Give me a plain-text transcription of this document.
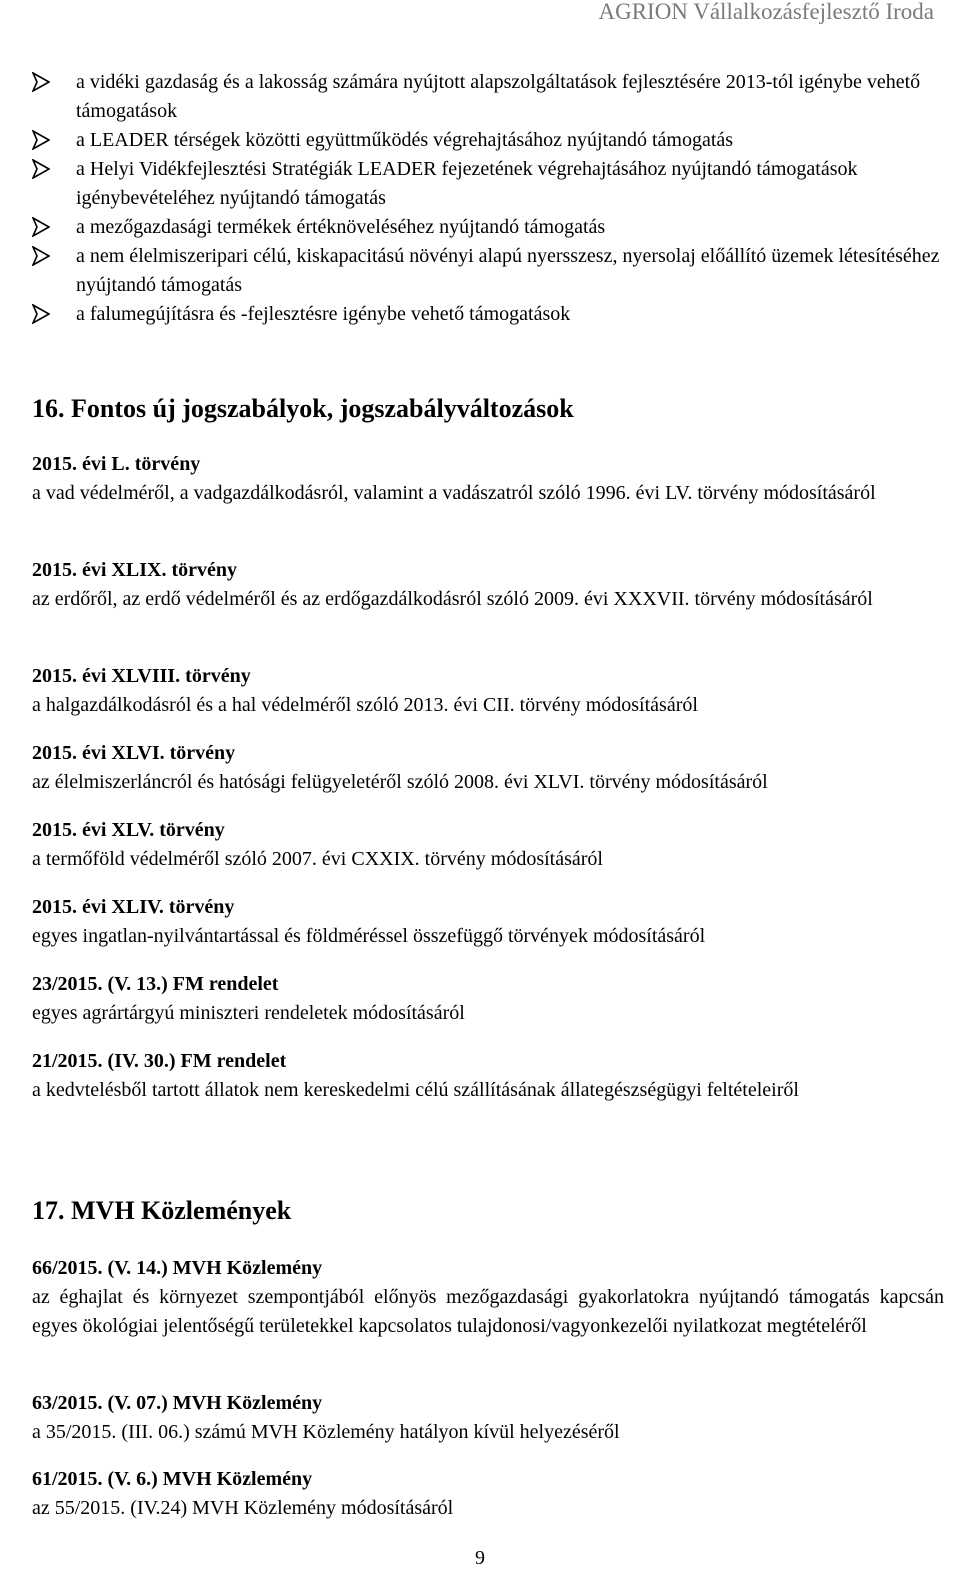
AGRION Vállalkozásfejlesztő Iroda
a vidéki gazdaság és a lakosság számára nyújtott alapszolgáltatások fejlesztésére 2013-tól igénybe vehető támogatások
a LEADER térségek közötti együttműködés végrehajtásához nyújtandó támogatás
a Helyi Vidékfejlesztési Stratégiák LEADER fejezetének végrehajtásához nyújtandó támogatások igénybevételéhez nyújtandó támogatás
a mezőgazdasági termékek értéknöveléséhez nyújtandó támogatás
a nem élelmiszeripari célú, kiskapacitású növényi alapú nyersszesz, nyersolaj előállító üzemek létesítéséhez nyújtandó támogatás
a falumegújításra és -fejlesztésre igénybe vehető támogatások
16. Fontos új jogszabályok, jogszabályváltozások
2015. évi L. törvény
a vad védelméről, a vadgazdálkodásról, valamint a vadászatról szóló 1996. évi LV. törvény módosításáról
2015. évi XLIX. törvény
az erdőről, az erdő védelméről és az erdőgazdálkodásról szóló 2009. évi XXXVII. törvény módosításáról
2015. évi XLVIII. törvény
a halgazdálkodásról és a hal védelméről szóló 2013. évi CII. törvény módosításáról
2015. évi XLVI. törvény
az élelmiszerláncról és hatósági felügyeletéről szóló 2008. évi XLVI. törvény módosításáról
2015. évi XLV. törvény
a termőföld védelméről szóló 2007. évi CXXIX. törvény módosításáról
2015. évi XLIV. törvény
egyes ingatlan-nyilvántartással és földméréssel összefüggő törvények módosításáról
23/2015. (V. 13.) FM rendelet
egyes agrártárgyú miniszteri rendeletek módosításáról
21/2015. (IV. 30.) FM rendelet
a kedvtelésből tartott állatok nem kereskedelmi célú szállításának állategészségügyi feltételeiről
17. MVH Közlemények
66/2015. (V. 14.) MVH Közlemény
az éghajlat és környezet szempontjából előnyös mezőgazdasági gyakorlatokra nyújtandó támogatás kapcsán egyes ökológiai jelentőségű területekkel kapcsolatos tulajdonosi/vagyonkezelői nyilatkozat megtételéről
63/2015. (V. 07.) MVH Közlemény
a 35/2015. (III. 06.) számú MVH Közlemény hatályon kívül helyezéséről
61/2015. (V. 6.) MVH Közlemény
az 55/2015. (IV.24) MVH Közlemény módosításáról
9
